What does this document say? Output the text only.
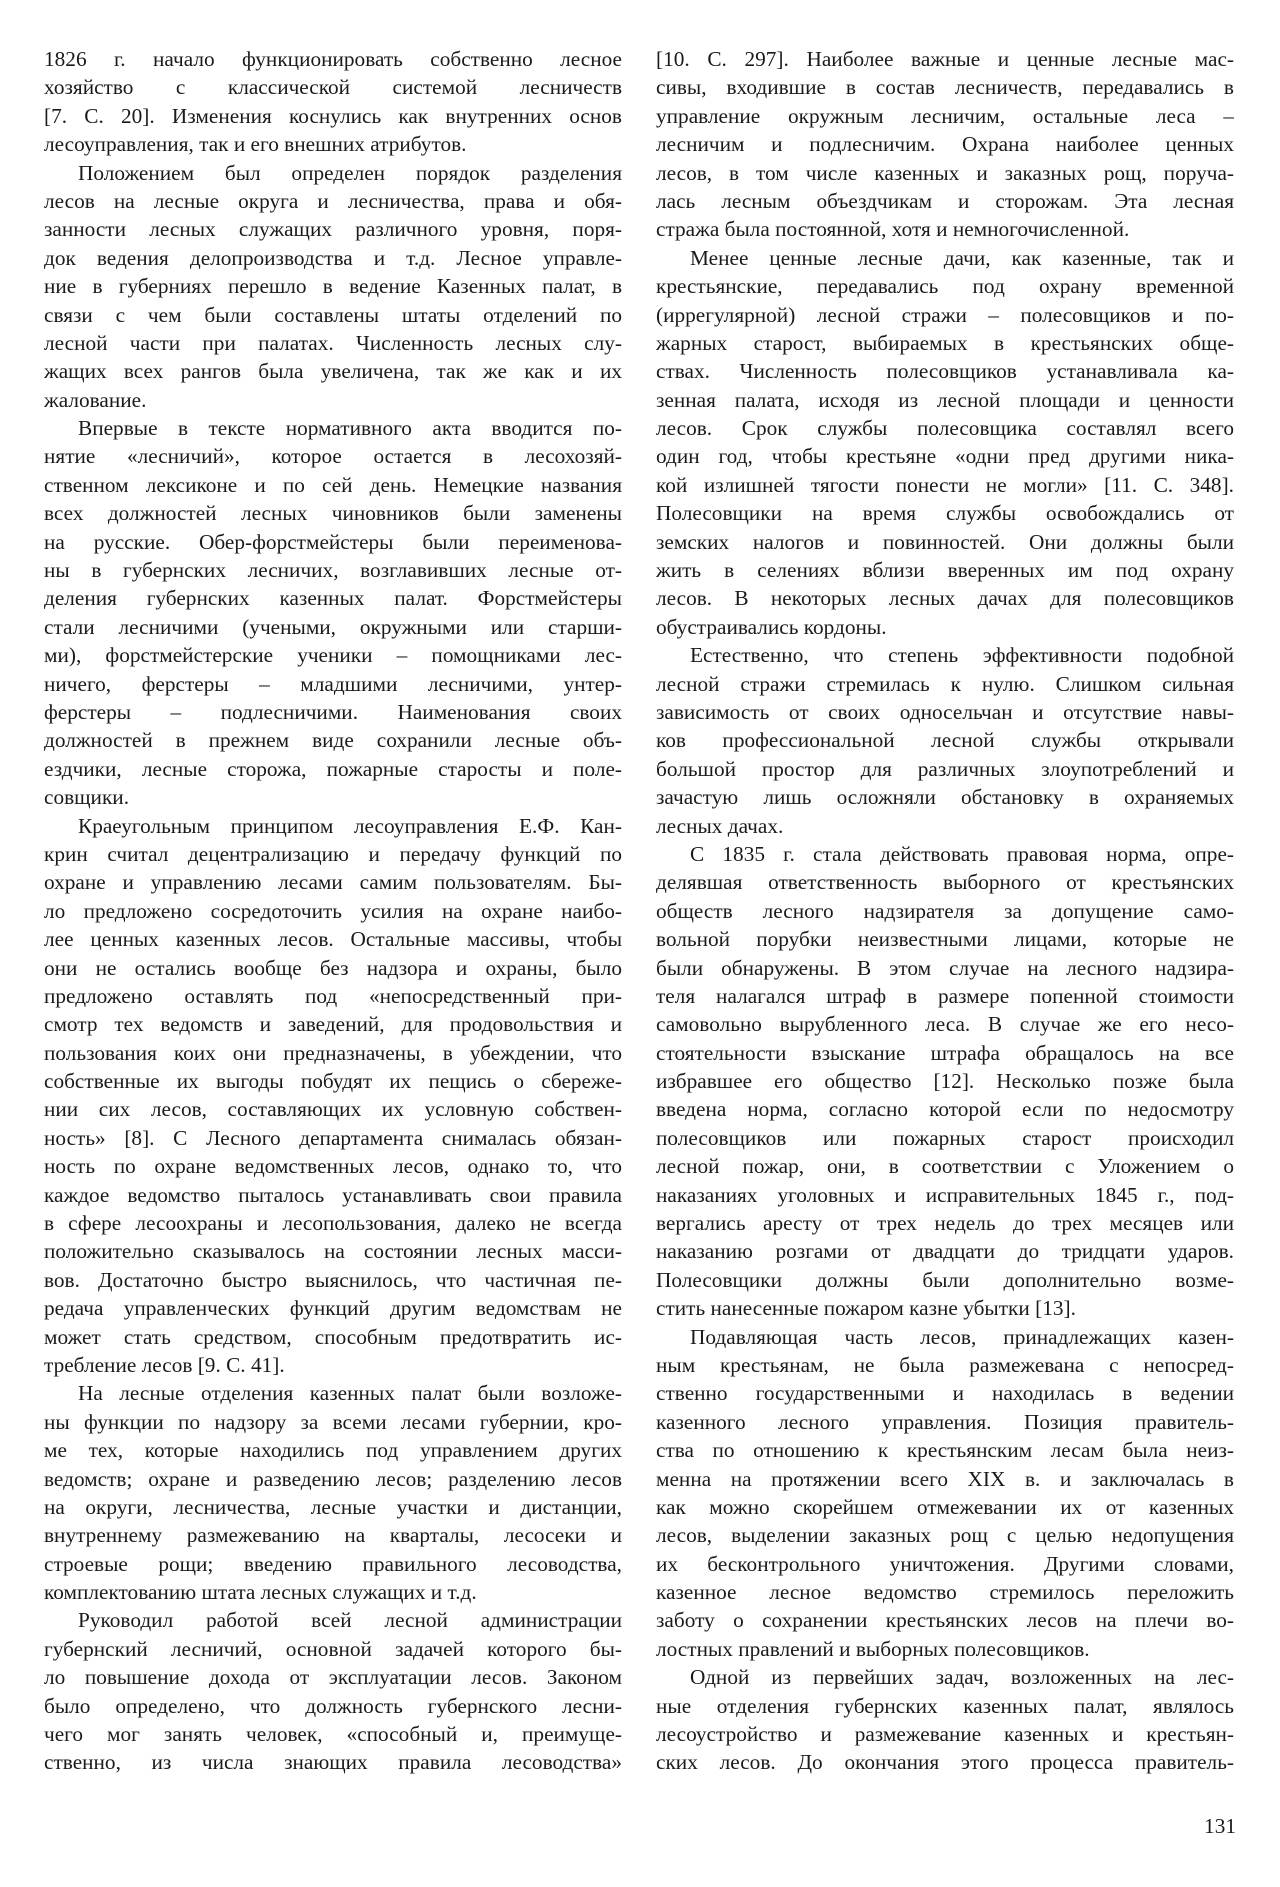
1826 г. начало функционировать собственно лесное
хозяйство с классической системой лесничеств
[7. С. 20]. Изменения коснулись как внутренних основ
лесоуправления, так и его внешних атрибутов.
Положением был определен порядок разделения
лесов на лесные округа и лесничества, права и обя-
занности лесных служащих различного уровня, поря-
док ведения делопроизводства и т.д. Лесное управле-
ние в губерниях перешло в ведение Казенных палат, в
связи с чем были составлены штаты отделений по
лесной части при палатах. Численность лесных слу-
жащих всех рангов была увеличена, так же как и их
жалование.
Впервые в тексте нормативного акта вводится по-
нятие «лесничий», которое остается в лесохозяй-
ственном лексиконе и по сей день. Немецкие названия
всех должностей лесных чиновников были заменены
на русские. Обер-форстмейстеры были переименова-
ны в губернских лесничих, возглавивших лесные от-
деления губернских казенных палат. Форстмейстеры
стали лесничими (учеными, окружными или старши-
ми), форстмейстерские ученики – помощниками лес-
ничего, ферстеры – младшими лесничими, унтер-
ферстеры – подлесничими. Наименования своих
должностей в прежнем виде сохранили лесные объ-
ездчики, лесные сторожа, пожарные старосты и поле-
совщики.
Краеугольным принципом лесоуправления Е.Ф. Кан-
крин считал децентрализацию и передачу функций по
охране и управлению лесами самим пользователям. Бы-
ло предложено сосредоточить усилия на охране наибо-
лее ценных казенных лесов. Остальные массивы, чтобы
они не остались вообще без надзора и охраны, было
предложено оставлять под «непосредственный при-
смотр тех ведомств и заведений, для продовольствия и
пользования коих они предназначены, в убеждении, что
собственные их выгоды побудят их пещись о сбереже-
нии сих лесов, составляющих их условную собствен-
ность» [8]. С Лесного департамента снималась обязан-
ность по охране ведомственных лесов, однако то, что
каждое ведомство пыталось устанавливать свои правила
в сфере лесоохраны и лесопользования, далеко не всегда
положительно сказывалось на состоянии лесных масси-
вов. Достаточно быстро выяснилось, что частичная пе-
редача управленческих функций другим ведомствам не
может стать средством, способным предотвратить ис-
требление лесов [9. С. 41].
На лесные отделения казенных палат были возложе-
ны функции по надзору за всеми лесами губернии, кро-
ме тех, которые находились под управлением других
ведомств; охране и разведению лесов; разделению лесов
на округи, лесничества, лесные участки и дистанции,
внутреннему размежеванию на кварталы, лесосеки и
строевые рощи; введению правильного лесоводства,
комплектованию штата лесных служащих и т.д.
Руководил работой всей лесной администрации
губернский лесничий, основной задачей которого бы-
ло повышение дохода от эксплуатации лесов. Законом
было определено, что должность губернского лесни-
чего мог занять человек, «способный и, преимуще-
ственно, из числа знающих правила лесоводства»
[10. С. 297]. Наиболее важные и ценные лесные мас-
сивы, входившие в состав лесничеств, передавались в
управление окружным лесничим, остальные леса –
лесничим и подлесничим. Охрана наиболее ценных
лесов, в том числе казенных и заказных рощ, поруча-
лась лесным объездчикам и сторожам. Эта лесная
стража была постоянной, хотя и немногочисленной.
Менее ценные лесные дачи, как казенные, так и
крестьянские, передавались под охрану временной
(иррегулярной) лесной стражи – полесовщиков и по-
жарных старост, выбираемых в крестьянских обще-
ствах. Численность полесовщиков устанавливала ка-
зенная палата, исходя из лесной площади и ценности
лесов. Срок службы полесовщика составлял всего
один год, чтобы крестьяне «одни пред другими ника-
кой излишней тягости понести не могли» [11. С. 348].
Полесовщики на время службы освобождались от
земских налогов и повинностей. Они должны были
жить в селениях вблизи вверенных им под охрану
лесов. В некоторых лесных дачах для полесовщиков
обустраивались кордоны.
Естественно, что степень эффективности подобной
лесной стражи стремилась к нулю. Слишком сильная
зависимость от своих односельчан и отсутствие навы-
ков профессиональной лесной службы открывали
большой простор для различных злоупотреблений и
зачастую лишь осложняли обстановку в охраняемых
лесных дачах.
С 1835 г. стала действовать правовая норма, опре-
делявшая ответственность выборного от крестьянских
обществ лесного надзирателя за допущение само-
вольной порубки неизвестными лицами, которые не
были обнаружены. В этом случае на лесного надзира-
теля налагался штраф в размере попенной стоимости
самовольно вырубленного леса. В случае же его несо-
стоятельности взыскание штрафа обращалось на все
избравшее его общество [12]. Несколько позже была
введена норма, согласно которой если по недосмотру
полесовщиков или пожарных старост происходил
лесной пожар, они, в соответствии с Уложением о
наказаниях уголовных и исправительных 1845 г., под-
вергались аресту от трех недель до трех месяцев или
наказанию розгами от двадцати до тридцати ударов.
Полесовщики должны были дополнительно возме-
стить нанесенные пожаром казне убытки [13].
Подавляющая часть лесов, принадлежащих казен-
ным крестьянам, не была размежевана с непосред-
ственно государственными и находилась в ведении
казенного лесного управления. Позиция правитель-
ства по отношению к крестьянским лесам была неиз-
менна на протяжении всего XIX в. и заключалась в
как можно скорейшем отмежевании их от казенных
лесов, выделении заказных рощ с целью недопущения
их бесконтрольного уничтожения. Другими словами,
казенное лесное ведомство стремилось переложить
заботу о сохранении крестьянских лесов на плечи во-
лостных правлений и выборных полесовщиков.
Одной из первейших задач, возложенных на лес-
ные отделения губернских казенных палат, являлось
лесоустройство и размежевание казенных и крестьян-
ских лесов. До окончания этого процесса правитель-
131
